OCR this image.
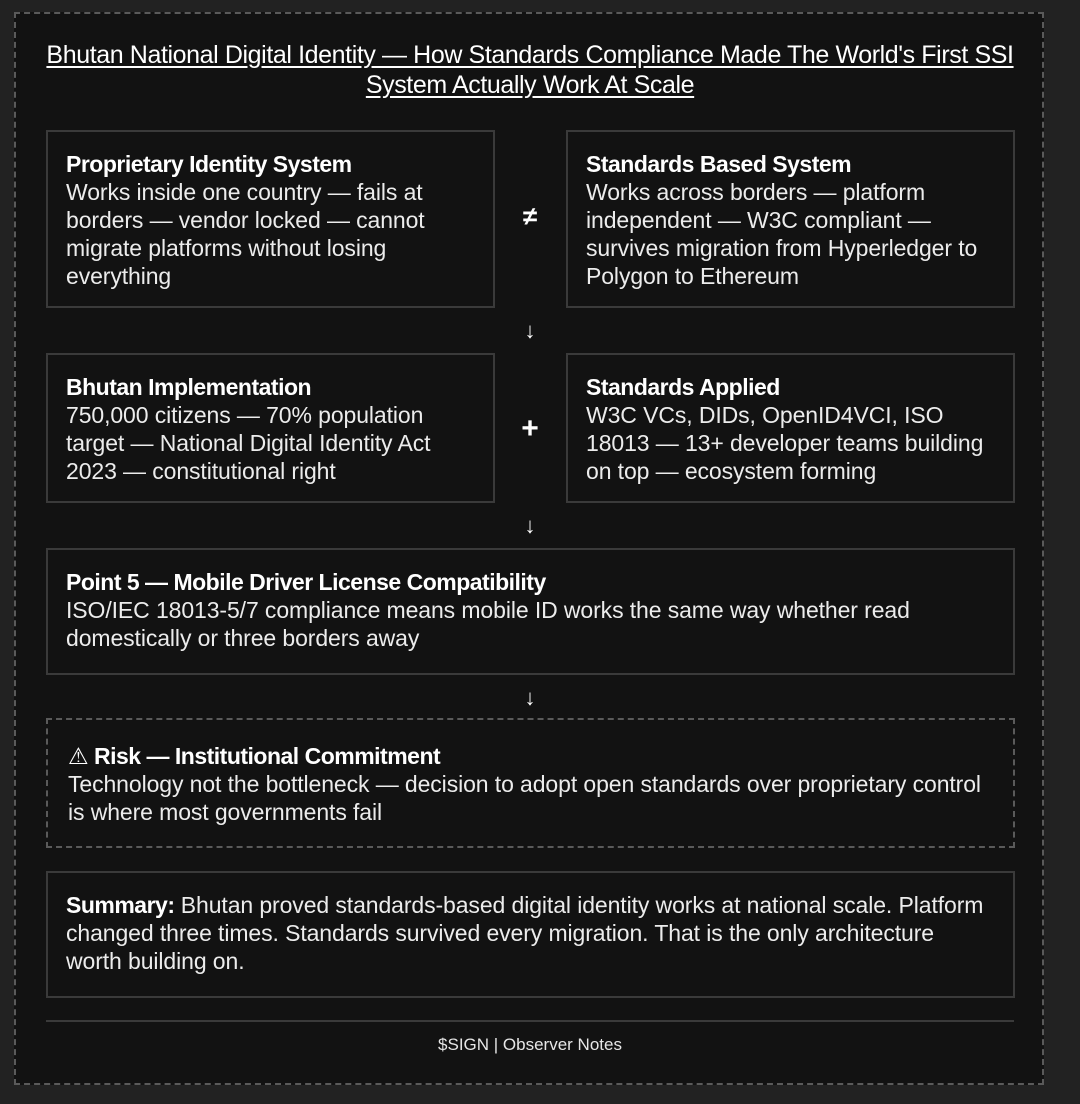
Bhutan National Digital Identity — How Standards Compliance Made The World's First SSI System Actually Work At Scale
Proprietary Identity System
Works inside one country — fails at borders — vendor locked — cannot migrate platforms without losing everything
≠
Standards Based System
Works across borders — platform independent — W3C compliant — survives migration from Hyperledger to Polygon to Ethereum
↓
Bhutan Implementation
750,000 citizens — 70% population target — National Digital Identity Act 2023 — constitutional right
+
Standards Applied
W3C VCs, DIDs, OpenID4VCI, ISO 18013 — 13+ developer teams building on top — ecosystem forming
↓
Point 5 — Mobile Driver License Compatibility
ISO/IEC 18013-5/7 compliance means mobile ID works the same way whether read domestically or three borders away
↓
⚠ Risk — Institutional Commitment
Technology not the bottleneck — decision to adopt open standards over proprietary control is where most governments fail
Summary: Bhutan proved standards-based digital identity works at national scale. Platform changed three times. Standards survived every migration. That is the only architecture worth building on.
$SIGN | Observer Notes
